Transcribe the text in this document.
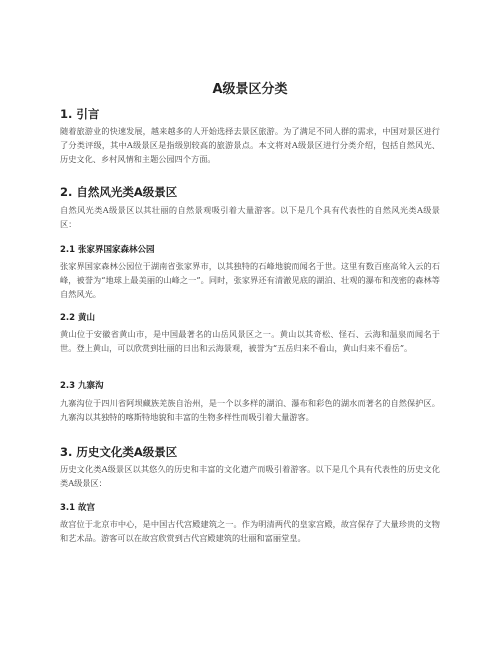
A级景区分类
1. 引言

随着旅游业的快速发展，越来越多的人开始选择去景区旅游。为了满足不同人群的需求，中国对景区进行了分类评级，其中A级景区是指级别较高的旅游景点。本文将对A级景区进行分类介绍，包括自然风光、历史文化、乡村风情和主题公园四个方面。

2. 自然风光类A级景区

自然风光类A级景区以其壮丽的自然景观吸引着大量游客。以下是几个具有代表性的自然风光类A级景区：

2.1 张家界国家森林公园

张家界国家森林公园位于湖南省张家界市，以其独特的石峰地貌而闻名于世。这里有数百座高耸入云的石峰，被誉为“地球上最美丽的山峰之一”。同时，张家界还有清澈见底的湖泊、壮观的瀑布和茂密的森林等自然风光。

2.2 黄山

黄山位于安徽省黄山市，是中国最著名的山岳风景区之一。黄山以其奇松、怪石、云海和温泉而闻名于世。登上黄山，可以欣赏到壮丽的日出和云海景观，被誉为“五岳归来不看山，黄山归来不看岳”。

2.3 九寨沟

九寨沟位于四川省阿坝藏族羌族自治州，是一个以多样的湖泊、瀑布和彩色的湖水而著名的自然保护区。九寨沟以其独特的喀斯特地貌和丰富的生物多样性而吸引着大量游客。

3. 历史文化类A级景区

历史文化类A级景区以其悠久的历史和丰富的文化遗产而吸引着游客。以下是几个具有代表性的历史文化类A级景区：

3.1 故宫

故宫位于北京市中心，是中国古代宫殿建筑之一。作为明清两代的皇家宫殿，故宫保存了大量珍贵的文物和艺术品。游客可以在故宫欣赏到古代宫殿建筑的壮丽和富丽堂皇。
